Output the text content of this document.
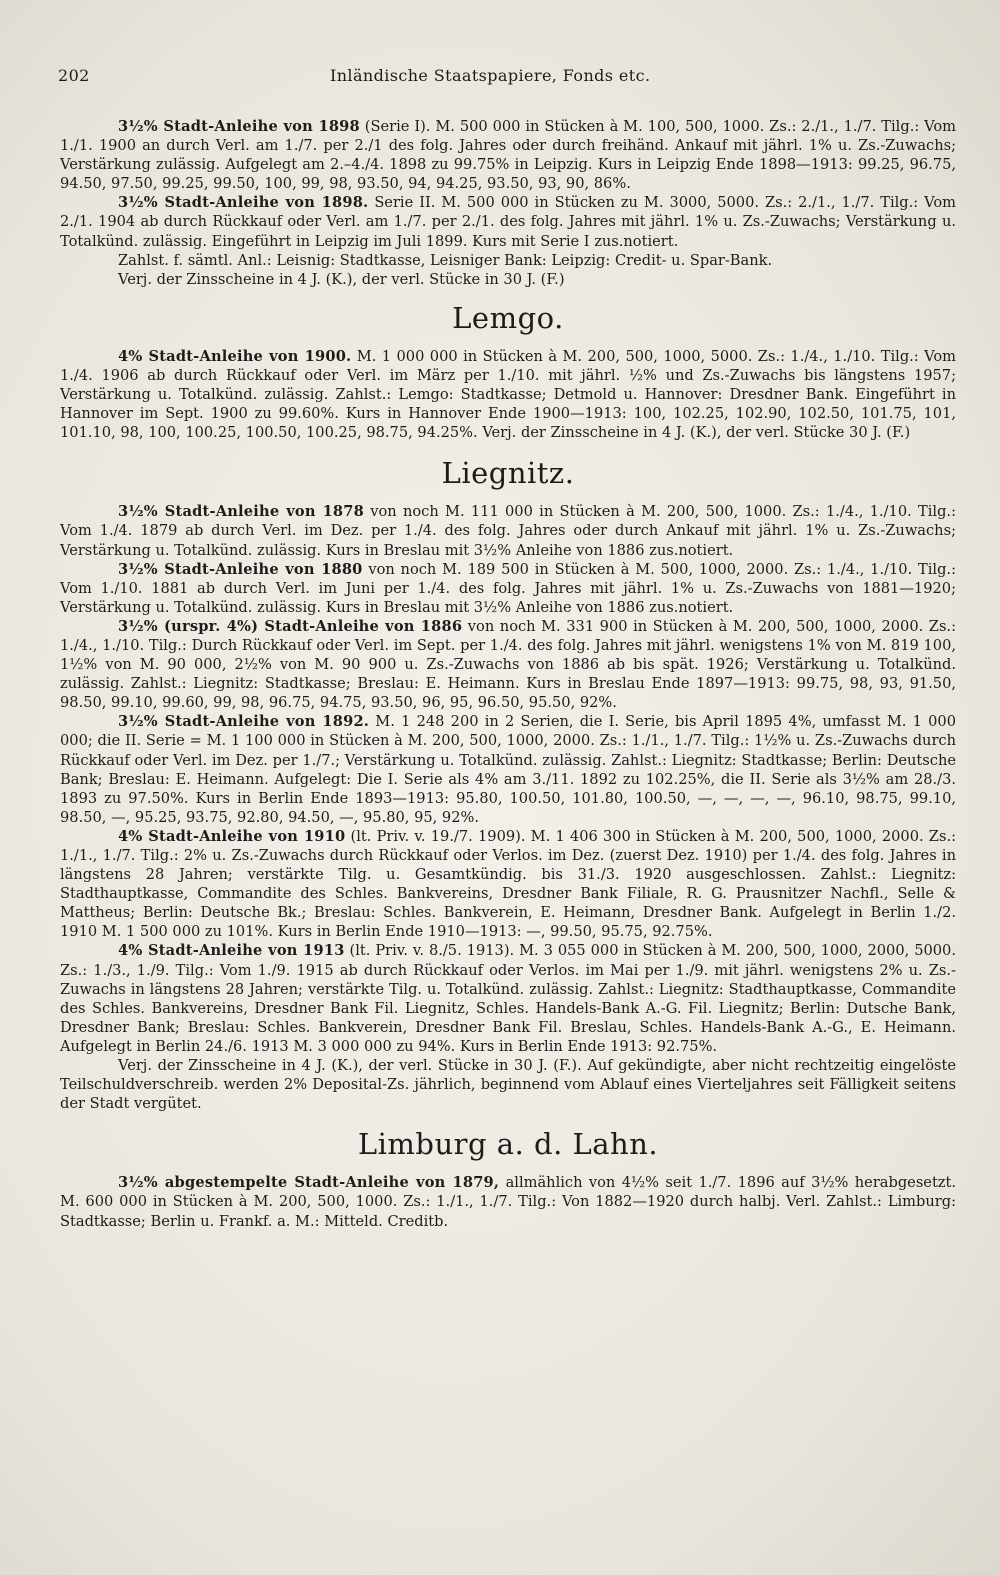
202	Inländische Staatspapiere, Fonds etc.

3½% Stadt-Anleihe von 1898 (Serie I). M. 500 000 in Stücken à M. 100, 500, 1000. Zs.: 2./1., 1./7. Tilg.: Vom 1./1. 1900 an durch Verl. am 1./7. per 2./1 des folg. Jahres oder durch freihänd. Ankauf mit jährl. 1% u. Zs.-Zuwachs; Verstärkung zulässig. Aufgelegt am 2.–4./4. 1898 zu 99.75% in Leipzig. Kurs in Leipzig Ende 1898—1913: 99.25, 96.75, 94.50, 97.50, 99.25, 99.50, 100, 99, 98, 93.50, 94, 94.25, 93.50, 93, 90, 86%.

3½% Stadt-Anleihe von 1898. Serie II. M. 500 000 in Stücken zu M. 3000, 5000. Zs.: 2./1., 1./7. Tilg.: Vom 2./1. 1904 ab durch Rückkauf oder Verl. am 1./7. per 2./1. des folg. Jahres mit jährl. 1% u. Zs.-Zuwachs; Verstärkung u. Totalkünd. zulässig. Eingeführt in Leipzig im Juli 1899. Kurs mit Serie I zus.notiert.

Zahlst. f. sämtl. Anl.: Leisnig: Stadtkasse, Leisniger Bank: Leipzig: Credit- u. Spar-Bank.

Verj. der Zinsscheine in 4 J. (K.), der verl. Stücke in 30 J. (F.)

Lemgo.

4% Stadt-Anleihe von 1900. M. 1 000 000 in Stücken à M. 200, 500, 1000, 5000. Zs.: 1./4., 1./10. Tilg.: Vom 1./4. 1906 ab durch Rückkauf oder Verl. im März per 1./10. mit jährl. ½% und Zs.-Zuwachs bis längstens 1957; Verstärkung u. Totalkünd. zulässig. Zahlst.: Lemgo: Stadtkasse; Detmold u. Hannover: Dresdner Bank. Eingeführt in Hannover im Sept. 1900 zu 99.60%. Kurs in Hannover Ende 1900—1913: 100, 102.25, 102.90, 102.50, 101.75, 101, 101.10, 98, 100, 100.25, 100.50, 100.25, 98.75, 94.25%. Verj. der Zinsscheine in 4 J. (K.), der verl. Stücke 30 J. (F.)

Liegnitz.

3½% Stadt-Anleihe von 1878 von noch M. 111 000 in Stücken à M. 200, 500, 1000. Zs.: 1./4., 1./10. Tilg.: Vom 1./4. 1879 ab durch Verl. im Dez. per 1./4. des folg. Jahres oder durch Ankauf mit jährl. 1% u. Zs.-Zuwachs; Verstärkung u. Totalkünd. zulässig. Kurs in Breslau mit 3½% Anleihe von 1886 zus.notiert.

3½% Stadt-Anleihe von 1880 von noch M. 189 500 in Stücken à M. 500, 1000, 2000. Zs.: 1./4., 1./10. Tilg.: Vom 1./10. 1881 ab durch Verl. im Juni per 1./4. des folg. Jahres mit jährl. 1% u. Zs.-Zuwachs von 1881—1920; Verstärkung u. Totalkünd. zulässig. Kurs in Breslau mit 3½% Anleihe von 1886 zus.notiert.

3½% (urspr. 4%) Stadt-Anleihe von 1886 von noch M. 331 900 in Stücken à M. 200, 500, 1000, 2000. Zs.: 1./4., 1./10. Tilg.: Durch Rückkauf oder Verl. im Sept. per 1./4. des folg. Jahres mit jährl. wenigstens 1% von M. 819 100, 1½% von M. 90 000, 2½% von M. 90 900 u. Zs.-Zuwachs von 1886 ab bis spät. 1926; Verstärkung u. Totalkünd. zulässig. Zahlst.: Liegnitz: Stadtkasse; Breslau: E. Heimann. Kurs in Breslau Ende 1897—1913: 99.75, 98, 93, 91.50, 98.50, 99.10, 99.60, 99, 98, 96.75, 94.75, 93.50, 96, 95, 96.50, 95.50, 92%.

3½% Stadt-Anleihe von 1892. M. 1 248 200 in 2 Serien, die I. Serie, bis April 1895 4%, umfasst M. 1 000 000; die II. Serie = M. 1 100 000 in Stücken à M. 200, 500, 1000, 2000. Zs.: 1./1., 1./7. Tilg.: 1½% u. Zs.-Zuwachs durch Rückkauf oder Verl. im Dez. per 1./7.; Verstärkung u. Totalkünd. zulässig. Zahlst.: Liegnitz: Stadtkasse; Berlin: Deutsche Bank; Breslau: E. Heimann. Aufgelegt: Die I. Serie als 4% am 3./11. 1892 zu 102.25%, die II. Serie als 3½% am 28./3. 1893 zu 97.50%. Kurs in Berlin Ende 1893—1913: 95.80, 100.50, 101.80, 100.50, —, —, —, —, 96.10, 98.75, 99.10, 98.50, —, 95.25, 93.75, 92.80, 94.50, —, 95.80, 95, 92%.

4% Stadt-Anleihe von 1910 (lt. Priv. v. 19./7. 1909). M. 1 406 300 in Stücken à M. 200, 500, 1000, 2000. Zs.: 1./1., 1./7. Tilg.: 2% u. Zs.-Zuwachs durch Rückkauf oder Verlos. im Dez. (zuerst Dez. 1910) per 1./4. des folg. Jahres in längstens 28 Jahren; verstärkte Tilg. u. Gesamtkündig. bis 31./3. 1920 ausgeschlossen. Zahlst.: Liegnitz: Stadthauptkasse, Commandite des Schles. Bankvereins, Dresdner Bank Filiale, R. G. Prausnitzer Nachfl., Selle & Mattheus; Berlin: Deutsche Bk.; Breslau: Schles. Bankverein, E. Heimann, Dresdner Bank. Aufgelegt in Berlin 1./2. 1910 M. 1 500 000 zu 101%. Kurs in Berlin Ende 1910—1913: —, 99.50, 95.75, 92.75%.

4% Stadt-Anleihe von 1913 (lt. Priv. v. 8./5. 1913). M. 3 055 000 in Stücken à M. 200, 500, 1000, 2000, 5000. Zs.: 1./3., 1./9. Tilg.: Vom 1./9. 1915 ab durch Rückkauf oder Verlos. im Mai per 1./9. mit jährl. wenigstens 2% u. Zs.-Zuwachs in längstens 28 Jahren; verstärkte Tilg. u. Totalkünd. zulässig. Zahlst.: Liegnitz: Stadthauptkasse, Commandite des Schles. Bankvereins, Dresdner Bank Fil. Liegnitz, Schles. Handels-Bank A.-G. Fil. Liegnitz; Berlin: Dutsche Bank, Dresdner Bank; Breslau: Schles. Bankverein, Dresdner Bank Fil. Breslau, Schles. Handels-Bank A.-G., E. Heimann. Aufgelegt in Berlin 24./6. 1913 M. 3 000 000 zu 94%. Kurs in Berlin Ende 1913: 92.75%.

Verj. der Zinsscheine in 4 J. (K.), der verl. Stücke in 30 J. (F.). Auf gekündigte, aber nicht rechtzeitig eingelöste Teilschuldverschreib. werden 2% Deposital-Zs. jährlich, beginnend vom Ablauf eines Vierteljahres seit Fälligkeit seitens der Stadt vergütet.

Limburg a. d. Lahn.

3½% abgestempelte Stadt-Anleihe von 1879, allmählich von 4½% seit 1./7. 1896 auf 3½% herabgesetzt. M. 600 000 in Stücken à M. 200, 500, 1000. Zs.: 1./1., 1./7. Tilg.: Von 1882—1920 durch halbj. Verl. Zahlst.: Limburg: Stadtkasse; Berlin u. Frankf. a. M.: Mitteld. Creditb.
